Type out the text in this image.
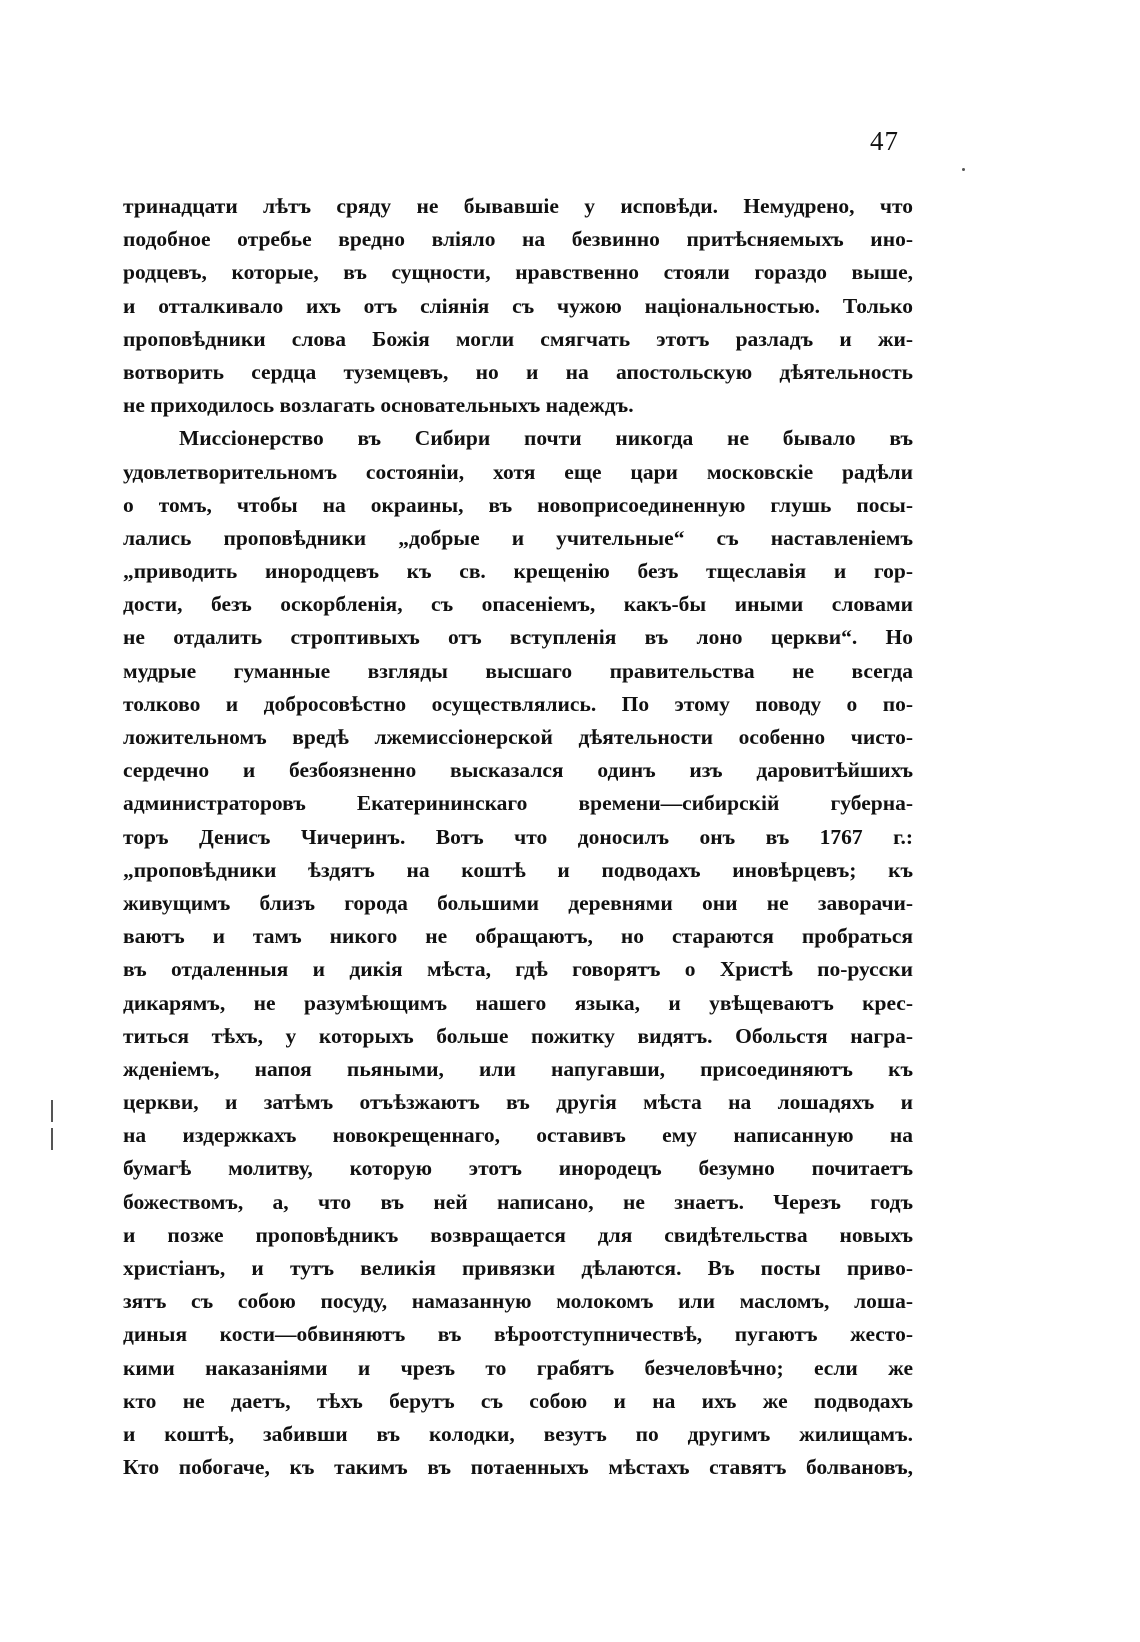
47
тринадцати лѣтъ сряду не бывавшіе у исповѣди. Немудрено, что
подобное отребье вредно вліяло на безвинно притѣсняемыхъ ино-
родцевъ, которые, въ сущности, нравственно стояли гораздо выше,
и отталкивало ихъ отъ слiянія съ чужою національностью. Только
проповѣдники слова Божія могли смягчать этотъ разладъ и жи-
вотворить сердца туземцевъ, но и на апостольскую дѣятельность
не приходилось возлагать основательныхъ надеждъ.
Миссіонерство въ Сибири почти никогда не бывало въ
удовлетворительномъ состояніи, хотя еще цари московскіе радѣли
о томъ, чтобы на окраины, въ новоприсоединенную глушь посы-
лались проповѣдники „добрые и учительные“ съ наставленіемъ
„приводить инородцевъ къ св. крещенію безъ тщеславія и гор-
дости, безъ оскорбленія, съ опасеніемъ, какъ-бы иными словами
не отдалить строптивыхъ отъ вступленія въ лоно церкви“. Но
мудрые гуманные взгляды высшаго правительства не всегда
толково и добросовѣстно осуществлялись. По этому поводу о по-
ложительномъ вредѣ лжемиссіонерской дѣятельности особенно чисто-
сердечно и безбоязненно высказался одинъ изъ даровитѣйшихъ
администраторовъ Екатерининскаго времени—сибирскій губерна-
торъ Денисъ Чичеринъ. Вотъ что доносилъ онъ въ 1767 г.:
„проповѣдники ѣздятъ на коштѣ и подводахъ иновѣрцевъ; къ
живущимъ близъ города большими деревнями они не заворачи-
ваютъ и тамъ никого не обращаютъ, но стараются пробраться
въ отдаленныя и дикія мѣста, гдѣ говорятъ о Христѣ по-русски
дикарямъ, не разумѣющимъ нашего языка, и увѣщеваютъ крес-
титься тѣхъ, у которыхъ больше пожитку видятъ. Обольстя награ-
жденіемъ, напоя пьяными, или напугавши, присоединяютъ къ
церкви, и затѣмъ отъѣзжаютъ въ другія мѣста на лошадяхъ и
на издержкахъ новокрещеннаго, оставивъ ему написанную на
бумагѣ молитву, которую этотъ инородецъ безумно почитаетъ
божествомъ, а, что въ ней написано, не знаетъ. Черезъ годъ
и позже проповѣдникъ возвращается для свидѣтельства новыхъ
христіанъ, и тутъ великія привязки дѣлаются. Въ посты приво-
зятъ съ собою посуду, намазанную молокомъ или масломъ, лоша-
диныя кости—обвиняютъ въ вѣроотступничествѣ, пугаютъ жесто-
кими наказаніями и чрезъ то грабятъ безчеловѣчно; если же
кто не даетъ, тѣхъ берутъ съ собою и на ихъ же подводахъ
и коштѣ, забивши въ колодки, везутъ по другимъ жилищамъ.
Кто побогаче, къ такимъ въ потаенныхъ мѣстахъ ставятъ болвановъ,
